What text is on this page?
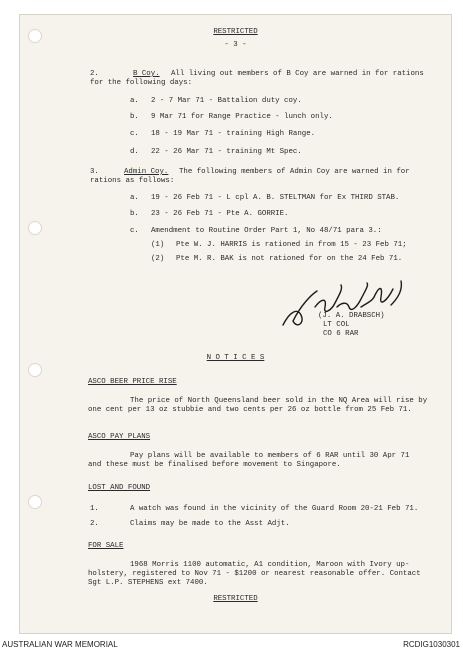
RESTRICTED
- 3 -
2.	B Coy. All living out members of B Coy are warned in for rations
for the following days:
a. 2 - 7 Mar 71 - Battalion duty coy.
b. 9 Mar 71 for Range Practice - lunch only.
c. 18 - 19 Mar 71 - training High Range.
d. 22 - 26 Mar 71 - training Mt Spec.
3.	Admin Coy. The following members of Admin Coy are warned in for
rations as follows:
a. 19 - 26 Feb 71 - L cpl A. B. STELTMAN for Ex THIRD STAB.
b. 23 - 26 Feb 71 - Pte A. GORRIE.
c. Amendment to Routine Order Part 1, No 48/71 para 3.:
(1) Pte W. J. HARRIS is rationed in from 15 - 23 Feb 71;
(2) Pte M. R. BAK is not rationed for on the 24 Feb 71.
(J. A. DRABSCH)
LT COL
CO 6 RAR
N O T I C E S
ASCO BEER PRICE RISE
The price of North Queensland beer sold in the NQ Area will rise by
one cent per 13 oz stubbie and two cents per 26 oz bottle from 25 Feb 71.
ASCO PAY PLANS
Pay plans will be available to members of 6 RAR until 30 Apr 71
and these must be finalised before movement to Singapore.
LOST AND FOUND
1.	A watch was found in the vicinity of the Guard Room 20-21 Feb 71.
2.	Claims may be made to the Asst Adjt.
FOR SALE
1968 Morris 1100 automatic, A1 condition, Maroon with Ivory up-
holstery, registered to Nov 71 - $1200 or nearest reasonable offer. Contact
Sgt L.P. STEPHENS ext 7400.
RESTRICTED
AUSTRALIAN WAR MEMORIAL	RCDIG1030301
